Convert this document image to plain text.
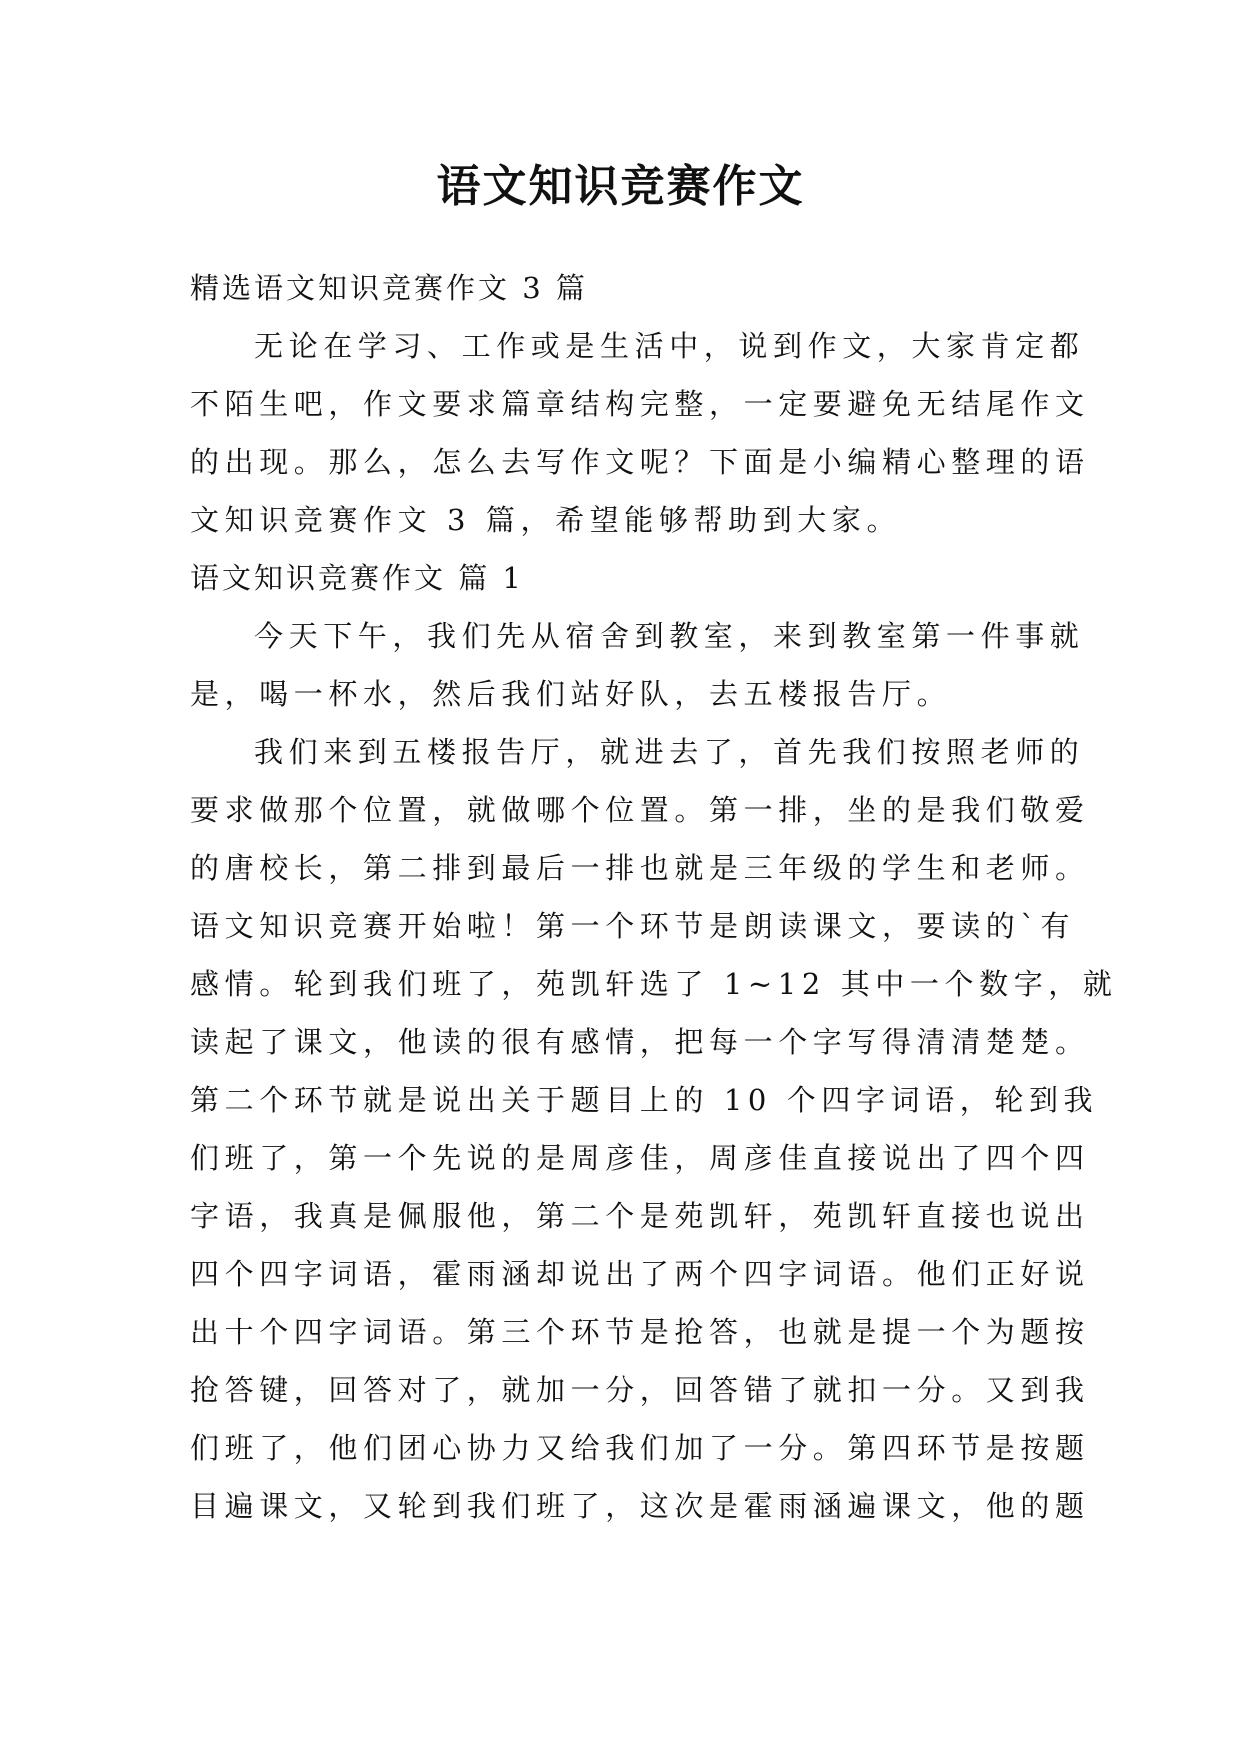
语文知识竞赛作文
精选语文知识竞赛作文 3 篇
无论在学习、工作或是生活中，说到作文，大家肯定都
不陌生吧，作文要求篇章结构完整，一定要避免无结尾作文
的出现。那么，怎么去写作文呢？下面是小编精心整理的语
文知识竞赛作文 3 篇，希望能够帮助到大家。
语文知识竞赛作文 篇 1
今天下午，我们先从宿舍到教室，来到教室第一件事就
是，喝一杯水，然后我们站好队，去五楼报告厅。
我们来到五楼报告厅，就进去了，首先我们按照老师的
要求做那个位置，就做哪个位置。第一排，坐的是我们敬爱
的唐校长，第二排到最后一排也就是三年级的学生和老师。
语文知识竞赛开始啦！第一个环节是朗读课文，要读的`有
感情。轮到我们班了，苑凯轩选了 1~12 其中一个数字，就
读起了课文，他读的很有感情，把每一个字写得清清楚楚。
第二个环节就是说出关于题目上的 10 个四字词语，轮到我
们班了，第一个先说的是周彦佳，周彦佳直接说出了四个四
字语，我真是佩服他，第二个是苑凯轩，苑凯轩直接也说出
四个四字词语，霍雨涵却说出了两个四字词语。他们正好说
出十个四字词语。第三个环节是抢答，也就是提一个为题按
抢答键，回答对了，就加一分，回答错了就扣一分。又到我
们班了，他们团心协力又给我们加了一分。第四环节是按题
目遍课文，又轮到我们班了，这次是霍雨涵遍课文，他的题
